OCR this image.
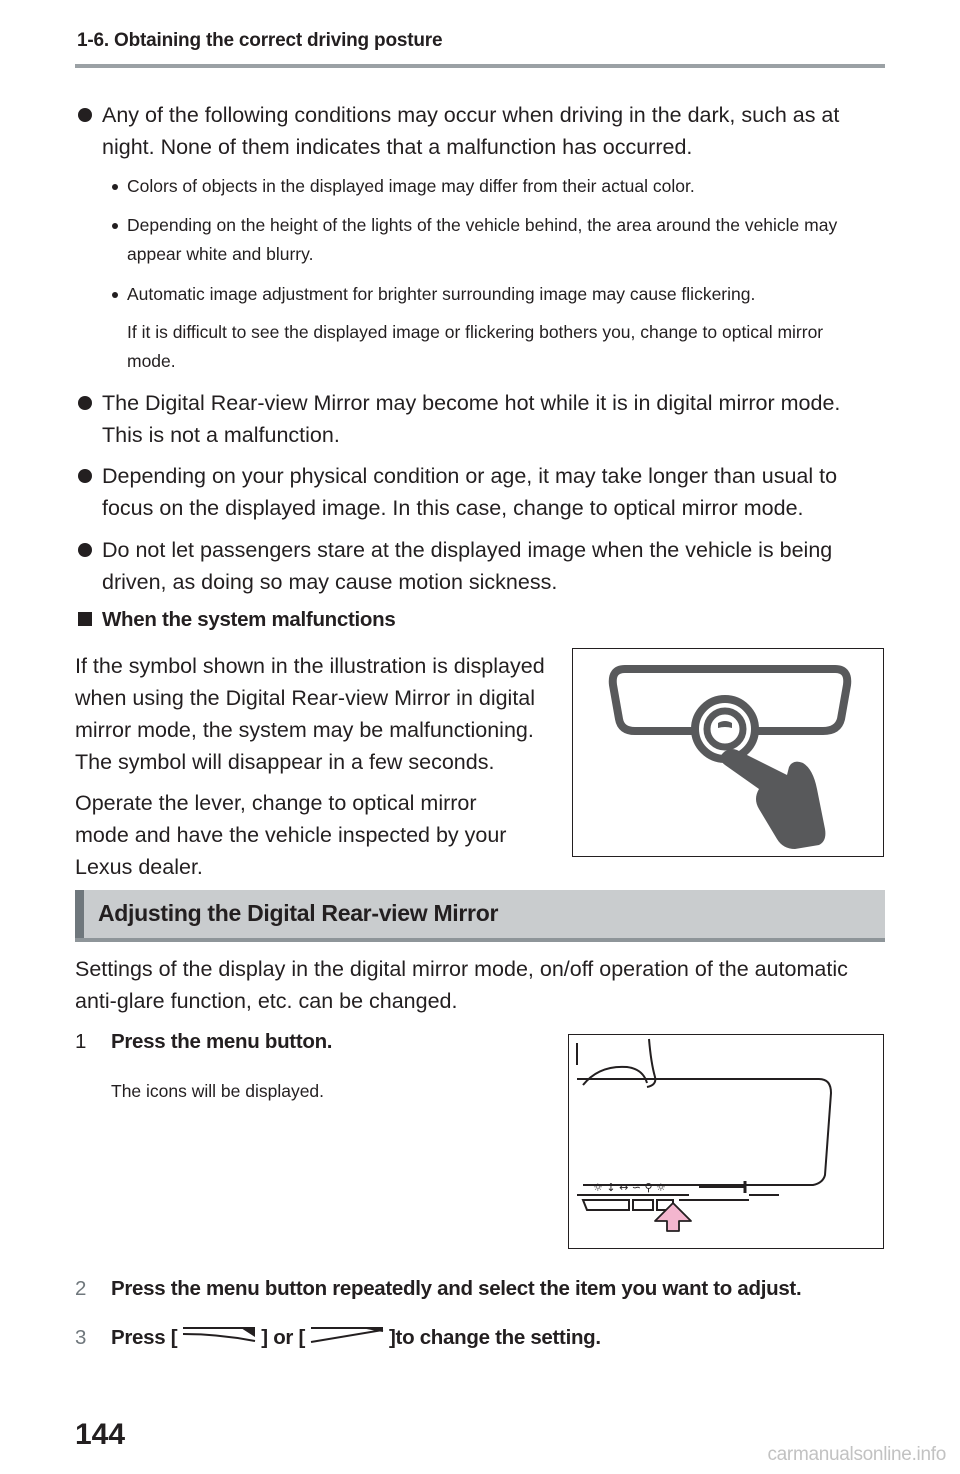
1-6. Obtaining the correct driving posture
Any of the following conditions may occur when driving in the dark, such as at night. None of them indicates that a malfunction has occurred.
Colors of objects in the displayed image may differ from their actual color.
Depending on the height of the lights of the vehicle behind, the area around the vehicle may appear white and blurry.
Automatic image adjustment for brighter surrounding image may cause flickering.
If it is difficult to see the displayed image or flickering bothers you, change to optical mirror mode.
The Digital Rear-view Mirror may become hot while it is in digital mirror mode. This is not a malfunction.
Depending on your physical condition or age, it may take longer than usual to focus on the displayed image. In this case, change to optical mirror mode.
Do not let passengers stare at the displayed image when the vehicle is being driven, as doing so may cause motion sickness.
When the system malfunctions
If the symbol shown in the illustration is displayed when using the Digital Rear-view Mirror in digital mirror mode, the system may be malfunctioning. The symbol will disappear in a few seconds.
Operate the lever, change to optical mirror mode and have the vehicle inspected by your Lexus dealer.
Adjusting the Digital Rear-view Mirror
Settings of the display in the digital mirror mode, on/off operation of the automatic anti-glare function, etc. can be changed.
1 Press the menu button.
The icons will be displayed.
☼ ↕ ↔ ∽ ⚲ ☼
2 Press the menu button repeatedly and select the item you want to adjust.
3 Press [	] or [	]to change the setting.
144
carmanualsonline.info
